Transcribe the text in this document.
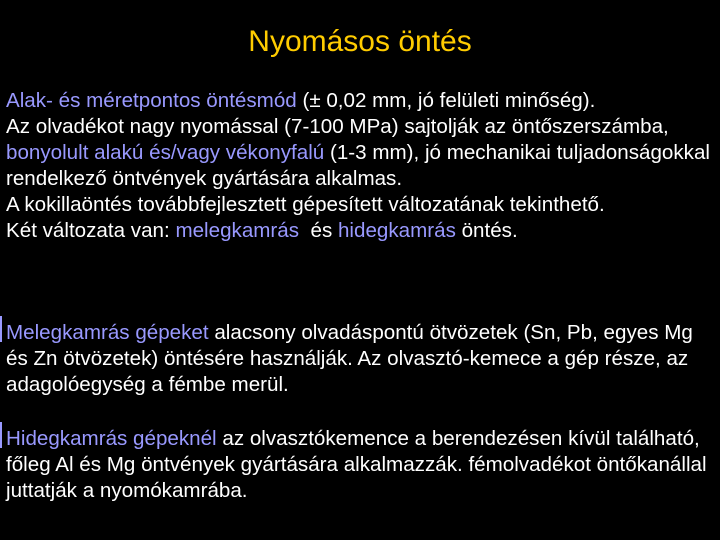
Nyomásos öntés

Alak- és méretpontos öntésmód (± 0,02 mm, jó felületi minőség).

Az olvadékot nagy nyomással (7-100 MPa) sajtolják az öntőszerszámba, bonyolult alakú és/vagy vékonyfalú (1-3 mm), jó mechanikai tuljadonságokkal rendelkező öntvények gyártására alkalmas.

A kokillaöntés továbbfejlesztett gépesített változatának tekinthető.

Két változata van: melegkamrás  és hidegkamrás öntés.

Melegkamrás gépeket alacsony olvadáspontú ötvözetek (Sn, Pb, egyes Mg és Zn ötvözetek) öntésére használják. Az olvasztó-kemece a gép része, az adagolóegység a fémbe merül.

Hidegkamrás gépeknél az olvasztókemence a berendezésen kívül található, főleg Al és Mg öntvények gyártására alkalmazzák. fémolvadékot öntőkanállal juttatják a nyomókamrába.
